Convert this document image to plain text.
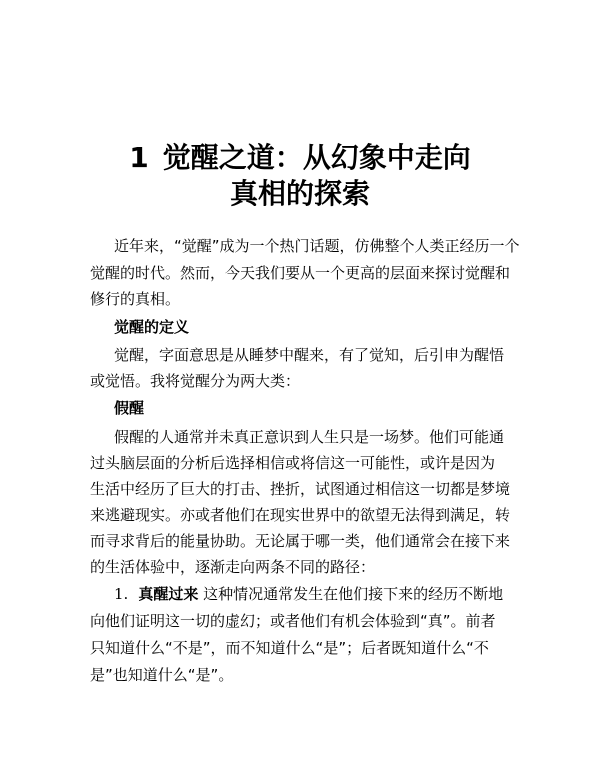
1 觉醒之道：从幻象中走向
真相的探索

近年来，“觉醒”成为一个热门话题，仿佛整个人类正经历一个

觉醒的时代。然而，今天我们要从一个更高的层面来探讨觉醒和

修行的真相。

觉醒的定义

觉醒，字面意思是从睡梦中醒来，有了觉知，后引申为醒悟

或觉悟。我将觉醒分为两大类：

假醒

假醒的人通常并未真正意识到人生只是一场梦。他们可能通

过头脑层面的分析后选择相信或将信这一可能性，或许是因为

生活中经历了巨大的打击、挫折，试图通过相信这一切都是梦境

来逃避现实。亦或者他们在现实世界中的欲望无法得到满足，转

而寻求背后的能量协助。无论属于哪一类，他们通常会在接下来

的生活体验中，逐渐走向两条不同的路径：

1. 真醒过来 这种情况通常发生在他们接下来的经历不断地

向他们证明这一切的虚幻；或者他们有机会体验到“真”。前者

只知道什么“不是”，而不知道什么“是”；后者既知道什么“不

是”也知道什么“是”。
